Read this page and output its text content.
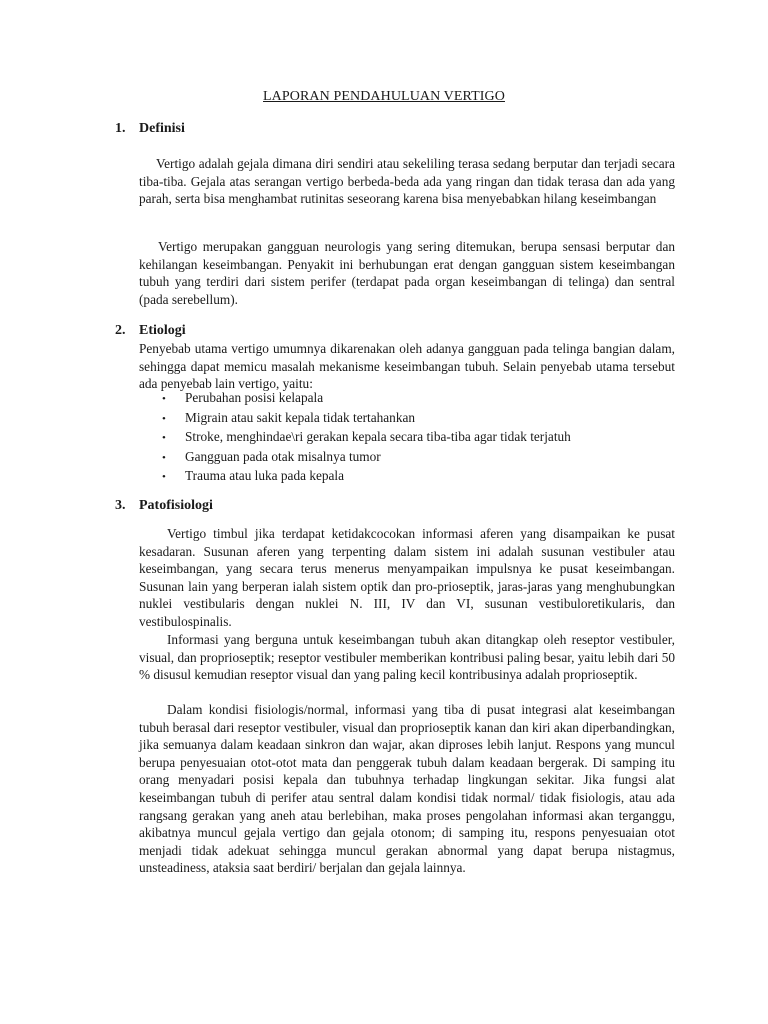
LAPORAN PENDAHULUAN VERTIGO
1. Definisi

Vertigo adalah gejala dimana diri sendiri atau sekeliling terasa sedang berputar dan terjadi secara tiba-tiba. Gejala atas serangan vertigo berbeda-beda ada yang ringan dan tidak terasa dan ada yang parah, serta bisa menghambat rutinitas seseorang karena bisa menyebabkan hilang keseimbangan

Vertigo merupakan gangguan neurologis yang sering ditemukan, berupa sensasi berputar dan kehilangan keseimbangan. Penyakit ini berhubungan erat dengan gangguan sistem keseimbangan tubuh yang terdiri dari sistem perifer (terdapat pada organ keseimbangan di telinga) dan sentral (pada serebellum).

2. Etiologi

Penyebab utama vertigo umumnya dikarenakan oleh adanya gangguan pada telinga bangian dalam, sehingga dapat memicu masalah mekanisme keseimbangan tubuh. Selain penyebab utama tersebut ada penyebab lain vertigo, yaitu:

•	Perubahan posisi kelapala
•	Migrain atau sakit kepala tidak tertahankan
•	Stroke, menghindae\ri gerakan kepala secara tiba-tiba agar tidak terjatuh
•	Gangguan pada otak misalnya tumor
•	Trauma atau luka pada kepala
3. Patofisiologi

Vertigo timbul jika terdapat ketidakcocokan informasi aferen yang disampaikan ke pusat kesadaran. Susunan aferen yang terpenting dalam sistem ini adalah susunan vestibuler atau keseimbangan, yang secara terus menerus menyampaikan impulsnya ke pusat keseimbangan. Susunan lain yang berperan ialah sistem optik dan pro-prioseptik, jaras-jaras yang menghubungkan nuklei vestibularis dengan nuklei N. III, IV dan VI, susunan vestibuloretikularis, dan vestibulospinalis.

Informasi yang berguna untuk keseimbangan tubuh akan ditangkap oleh reseptor vestibuler, visual, dan proprioseptik; reseptor vestibuler memberikan kontribusi paling besar, yaitu lebih dari 50 % disusul kemudian reseptor visual dan yang paling kecil kontribusinya adalah proprioseptik.

Dalam kondisi fisiologis/normal, informasi yang tiba di pusat integrasi alat keseimbangan tubuh berasal dari reseptor vestibuler, visual dan proprioseptik kanan dan kiri akan diperbandingkan, jika semuanya dalam keadaan sinkron dan wajar, akan diproses lebih lanjut. Respons yang muncul berupa penyesuaian otot-otot mata dan penggerak tubuh dalam keadaan bergerak. Di samping itu orang menyadari posisi kepala dan tubuhnya terhadap lingkungan sekitar. Jika fungsi alat keseimbangan tubuh di perifer atau sentral dalam kondisi tidak normal/ tidak fisiologis, atau ada rangsang gerakan yang aneh atau berlebihan, maka proses pengolahan informasi akan terganggu, akibatnya muncul gejala vertigo dan gejala otonom; di samping itu, respons penyesuaian otot menjadi tidak adekuat sehingga muncul gerakan abnormal yang dapat berupa nistagmus, unsteadiness, ataksia saat berdiri/ berjalan dan gejala lainnya.
